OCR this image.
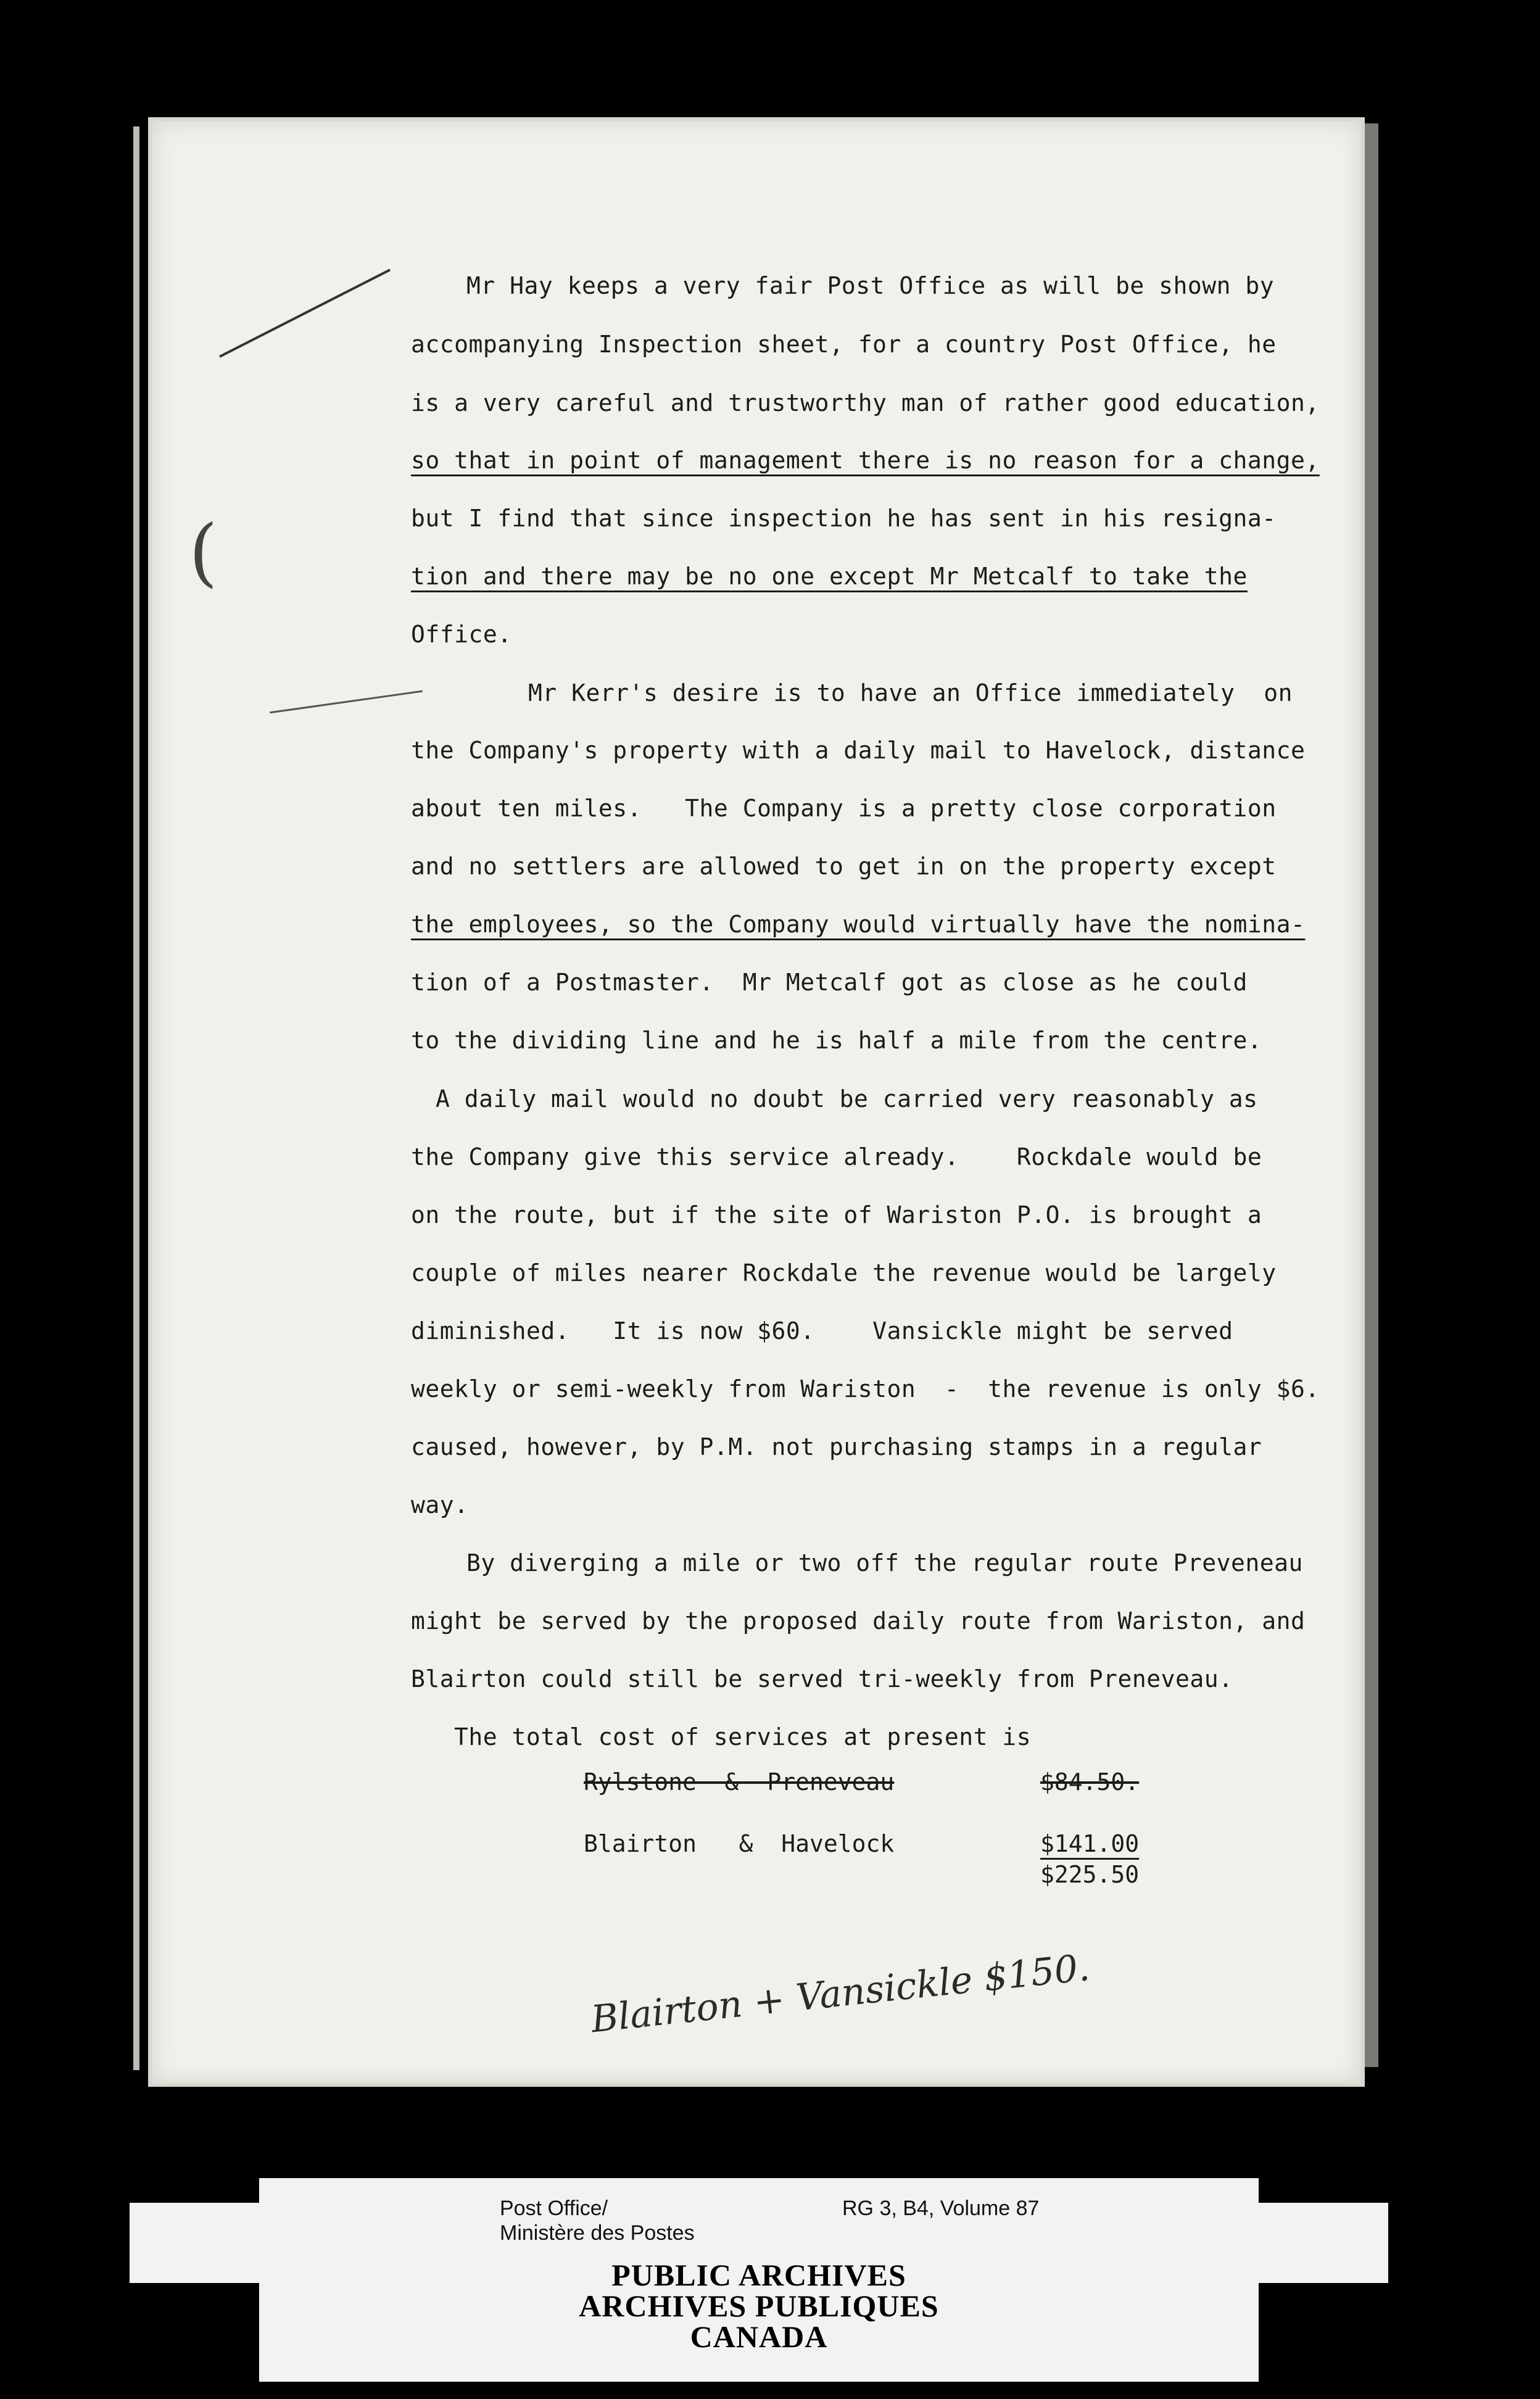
(
Mr Hay keeps a very fair Post Office as will be shown by
accompanying Inspection sheet, for a country Post Office, he
is a very careful and trustworthy man of rather good education,
so that in point of management there is no reason for a change,
but I find that since inspection he has sent in his resigna-
tion and there may be no one except Mr Metcalf to take the
Office.
Mr Kerr's desire is to have an Office immediately  on
the Company's property with a daily mail to Havelock, distance
about ten miles.   The Company is a pretty close corporation
and no settlers are allowed to get in on the property except
the employees, so the Company would virtually have the nomina-
tion of a Postmaster.  Mr Metcalf got as close as he could
to the dividing line and he is half a mile from the centre.
A daily mail would no doubt be carried very reasonably as
the Company give this service already.    Rockdale would be
on the route, but if the site of Wariston P.O. is brought a
couple of miles nearer Rockdale the revenue would be largely
diminished.   It is now $60.    Vansickle might be served
weekly or semi-weekly from Wariston  -  the revenue is only $6.
caused, however, by P.M. not purchasing stamps in a regular
way.
By diverging a mile or two off the regular route Preveneau
might be served by the proposed daily route from Wariston, and
Blairton could still be served tri-weekly from Preneveau.
The total cost of services at present is
Rylstone  &  Preneveau	$84.50.
Blairton   &  Havelock	$141.00
$225.50
Blairton + Vansickle $150.
Post Office/
Ministère des Postes
RG 3, B4, Volume 87
PUBLIC ARCHIVES
ARCHIVES PUBLIQUES
CANADA
